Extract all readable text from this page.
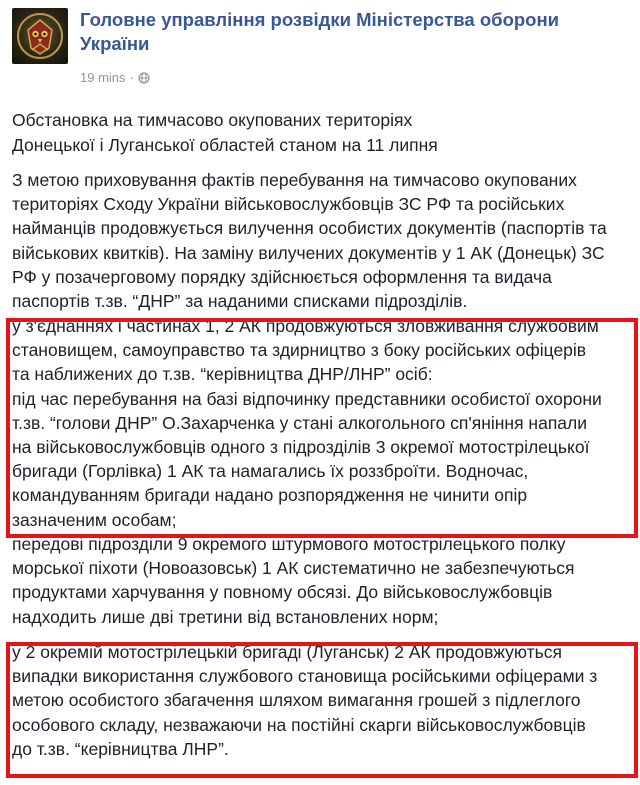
Головне управління розвідки Міністерства оборони України
19 mins ·
Обстановка на тимчасово окупованих територіях
Донецької і Луганської областей станом на 11 липня
З метою приховування фактів перебування на тимчасово окупованих
територіях Сходу України військовослужбовців ЗС РФ та російських
найманців продовжується вилучення особистих документів (паспортів та
військових квитків). На заміну вилучених документів у 1 АК (Донецьк) ЗС
РФ у позачерговому порядку здійснюється оформлення та видача
паспортів т.зв. “ДНР” за наданими списками підрозділів.
у з'єднаннях і частинах 1, 2 АК продовжуються зловживання службовим
становищем, самоуправство та здирництво з боку російських офіцерів
та наближених до т.зв. “керівництва ДНР/ЛНР” осіб:
під час перебування на базі відпочинку представники особистої охорони
т.зв. “голови ДНР” О.Захарченка у стані алкогольного сп'яніння напали
на військовослужбовців одного з підрозділів 3 окремої мотострілецької
бригади (Горлівка) 1 АК та намагались їх роззброїти. Водночас,
командуванням бригади надано розпорядження не чинити опір
зазначеним особам;
передові підрозділи 9 окремого штурмового мотострілецького полку
морської піхоти (Новоазовськ) 1 АК систематично не забезпечуються
продуктами харчування у повному обсязі. До військовослужбовців
надходить лише дві третини від встановлених норм;
у 2 окремій мотострілецькій бригаді (Луганськ) 2 АК продовжуються
випадки використання службового становища російськими офіцерами з
метою особистого збагачення шляхом вимагання грошей з підлеглого
особового складу, незважаючи на постійні скарги військовослужбовців
до т.зв. “керівництва ЛНР”.
